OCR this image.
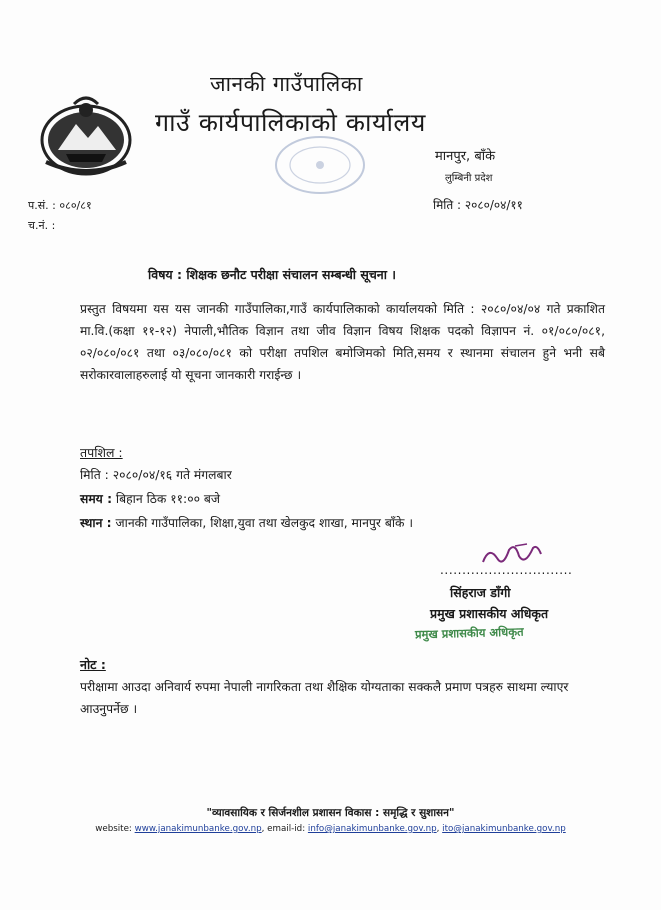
जानकी गाउँपालिका
गाउँ कार्यपालिकाको कार्यालय
मानपुर, बाँके
लुम्बिनी प्रदेश
प.सं. : ०८०/८१
च.नं. :
मिति : २०८०/०४/११
विषय : शिक्षक छनौट परीक्षा संचालन सम्बन्धी सूचना ।

प्रस्तुत विषयमा यस यस जानकी गाउँपालिका,गाउँ कार्यपालिकाको कार्यालयको मिति : २०८०/०४/०४ गते प्रकाशित मा.वि.(कक्षा ११-१२) नेपाली,भौतिक विज्ञान तथा जीव विज्ञान विषय शिक्षक पदको विज्ञापन नं. ०१/०८०/०८१, ०२/०८०/०८१ तथा ०३/०८०/०८१ को परीक्षा तपशिल बमोजिमको मिति,समय र स्थानमा संचालन हुने भनी सबै सरोकारवालाहरुलाई यो सूचना जानकारी गराईन्छ ।

तपशिल :
मिति : २०८०/०४/१६ गते मंगलबार
समय : बिहान ठिक ११:०० बजे
स्थान : जानकी गाउँपालिका, शिक्षा,युवा तथा खेलकुद शाखा, मानपुर बाँके ।
..............................
सिंहराज डाँगी
प्रमुख प्रशासकीय अधिकृत
प्रमुख प्रशासकीय अधिकृत
नोट :

परीक्षामा आउदा अनिवार्य रुपमा नेपाली नागरिकता तथा शैक्षिक योग्यताका सक्कलै प्रमाण पत्रहरु साथमा ल्याएर आउनुपर्नेछ ।

"व्यावसायिक र सिर्जनशील प्रशासन विकास : समृद्धि र सुशासन"
website: www.janakimunbanke.gov.np, email-id: info@janakimunbanke.gov.np, ito@janakimunbanke.gov.np
